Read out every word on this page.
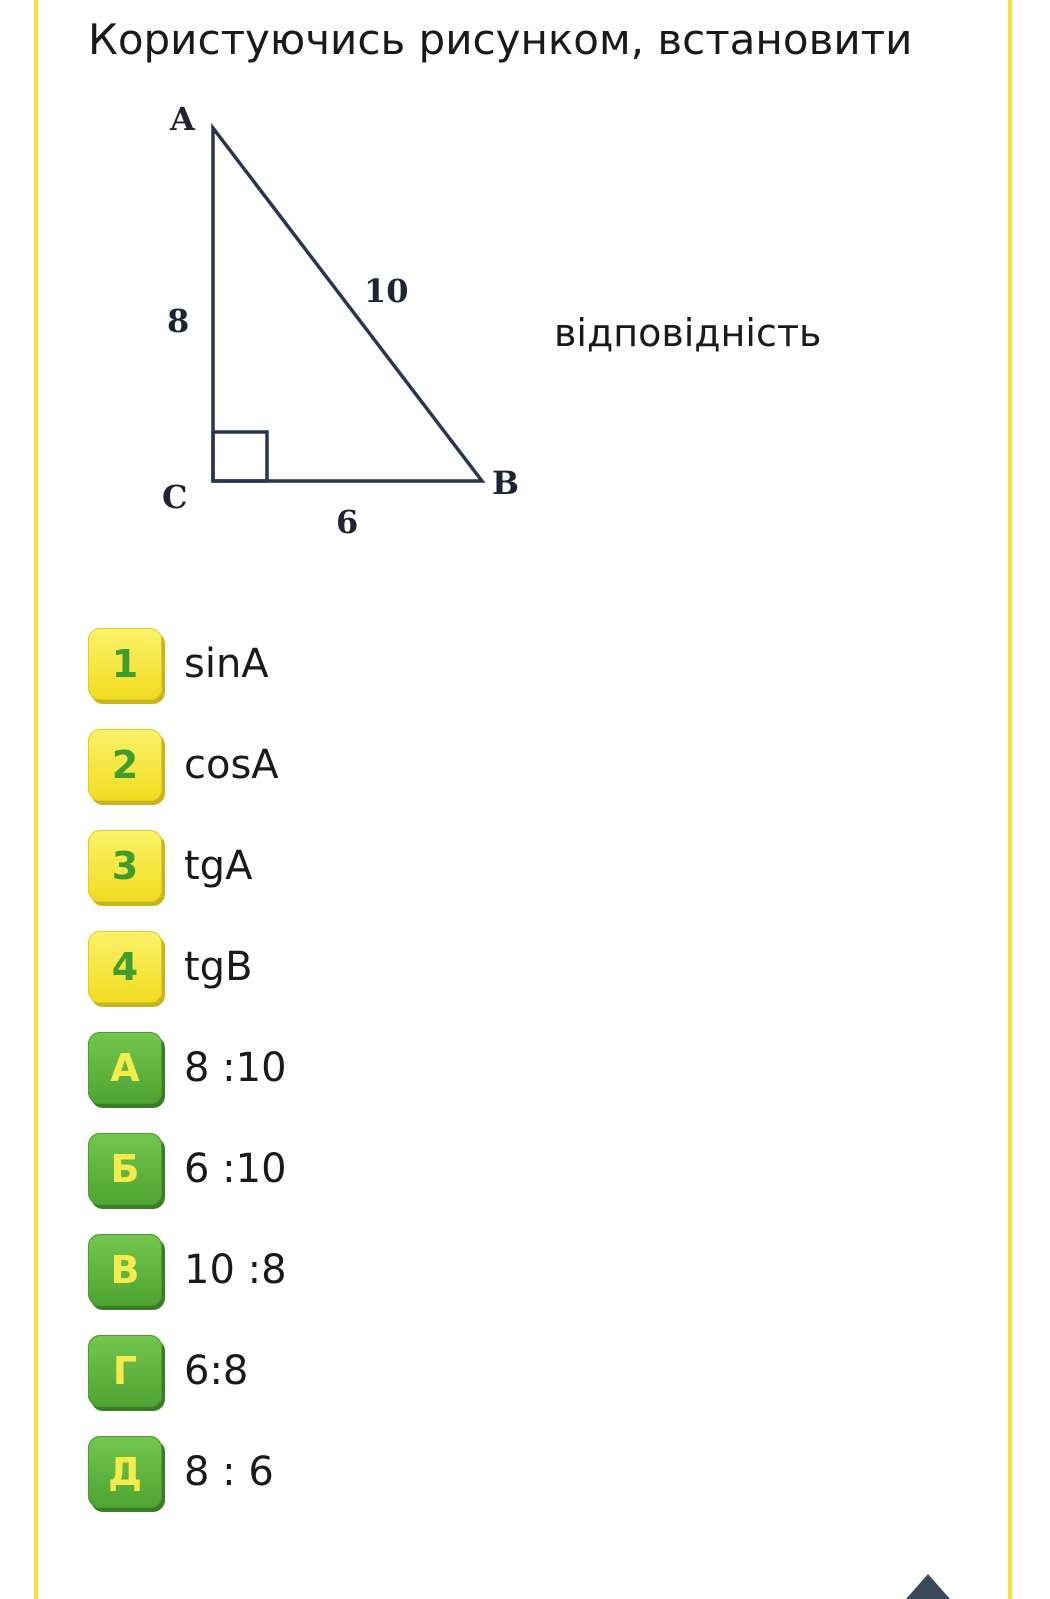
Користуючись рисунком, встановити
A
C	B
8
10
6
відповідність
1	sinA
2	cosA
3	tgA
4	tgB
А	8 :10
Б	6 :10
В	10 :8
Г	6:8
Д	8 : 6
